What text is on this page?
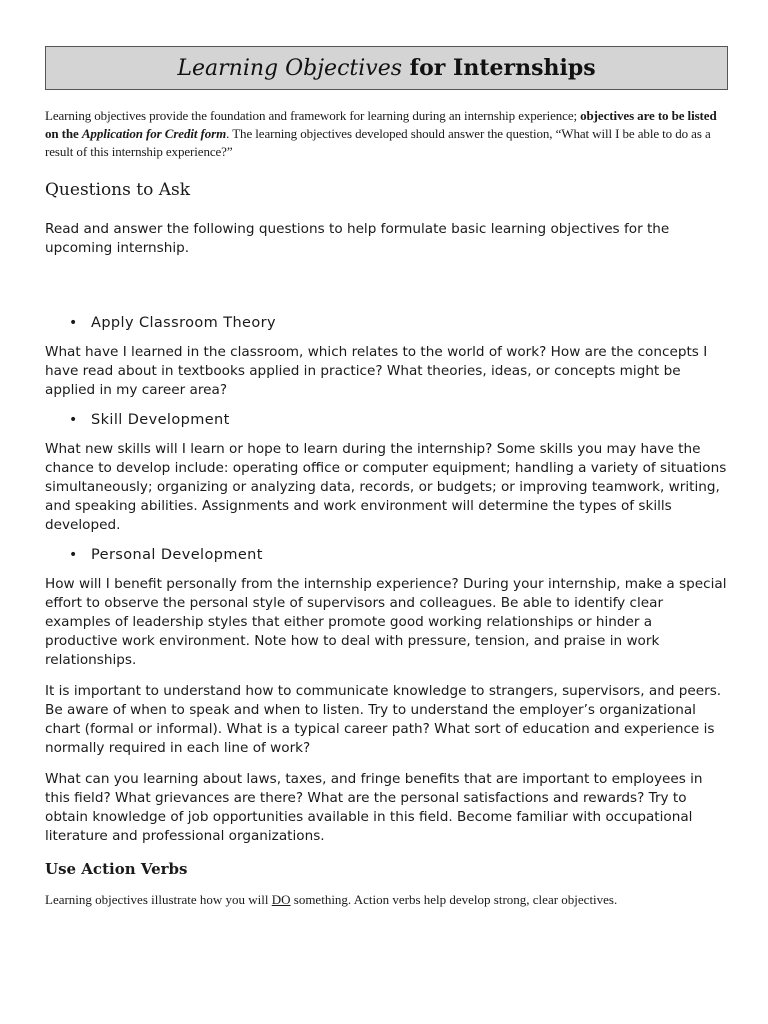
Learning Objectives for Internships
Learning objectives provide the foundation and framework for learning during an internship experience; objectives are to be listed on the Application for Credit form. The learning objectives developed should answer the question, “What will I be able to do as a result of this internship experience?”
Questions to Ask

Read and answer the following questions to help formulate basic learning objectives for the upcoming internship.

• Apply Classroom Theory

What have I learned in the classroom, which relates to the world of work? How are the concepts I have read about in textbooks applied in practice? What theories, ideas, or concepts might be applied in my career area?

• Skill Development

What new skills will I learn or hope to learn during the internship? Some skills you may have the chance to develop include: operating office or computer equipment; handling a variety of situations simultaneously; organizing or analyzing data, records, or budgets; or improving teamwork, writing, and speaking abilities. Assignments and work environment will determine the types of skills developed.

• Personal Development

How will I benefit personally from the internship experience? During your internship, make a special effort to observe the personal style of supervisors and colleagues. Be able to identify clear examples of leadership styles that either promote good working relationships or hinder a productive work environment. Note how to deal with pressure, tension, and praise in work relationships.

It is important to understand how to communicate knowledge to strangers, supervisors, and peers. Be aware of when to speak and when to listen. Try to understand the employer’s organizational chart (formal or informal). What is a typical career path? What sort of education and experience is normally required in each line of work?

What can you learning about laws, taxes, and fringe benefits that are important to employees in this field? What grievances are there? What are the personal satisfactions and rewards? Try to obtain knowledge of job opportunities available in this field. Become familiar with occupational literature and professional organizations.

Use Action Verbs
Learning objectives illustrate how you will DO something. Action verbs help develop strong, clear objectives.
